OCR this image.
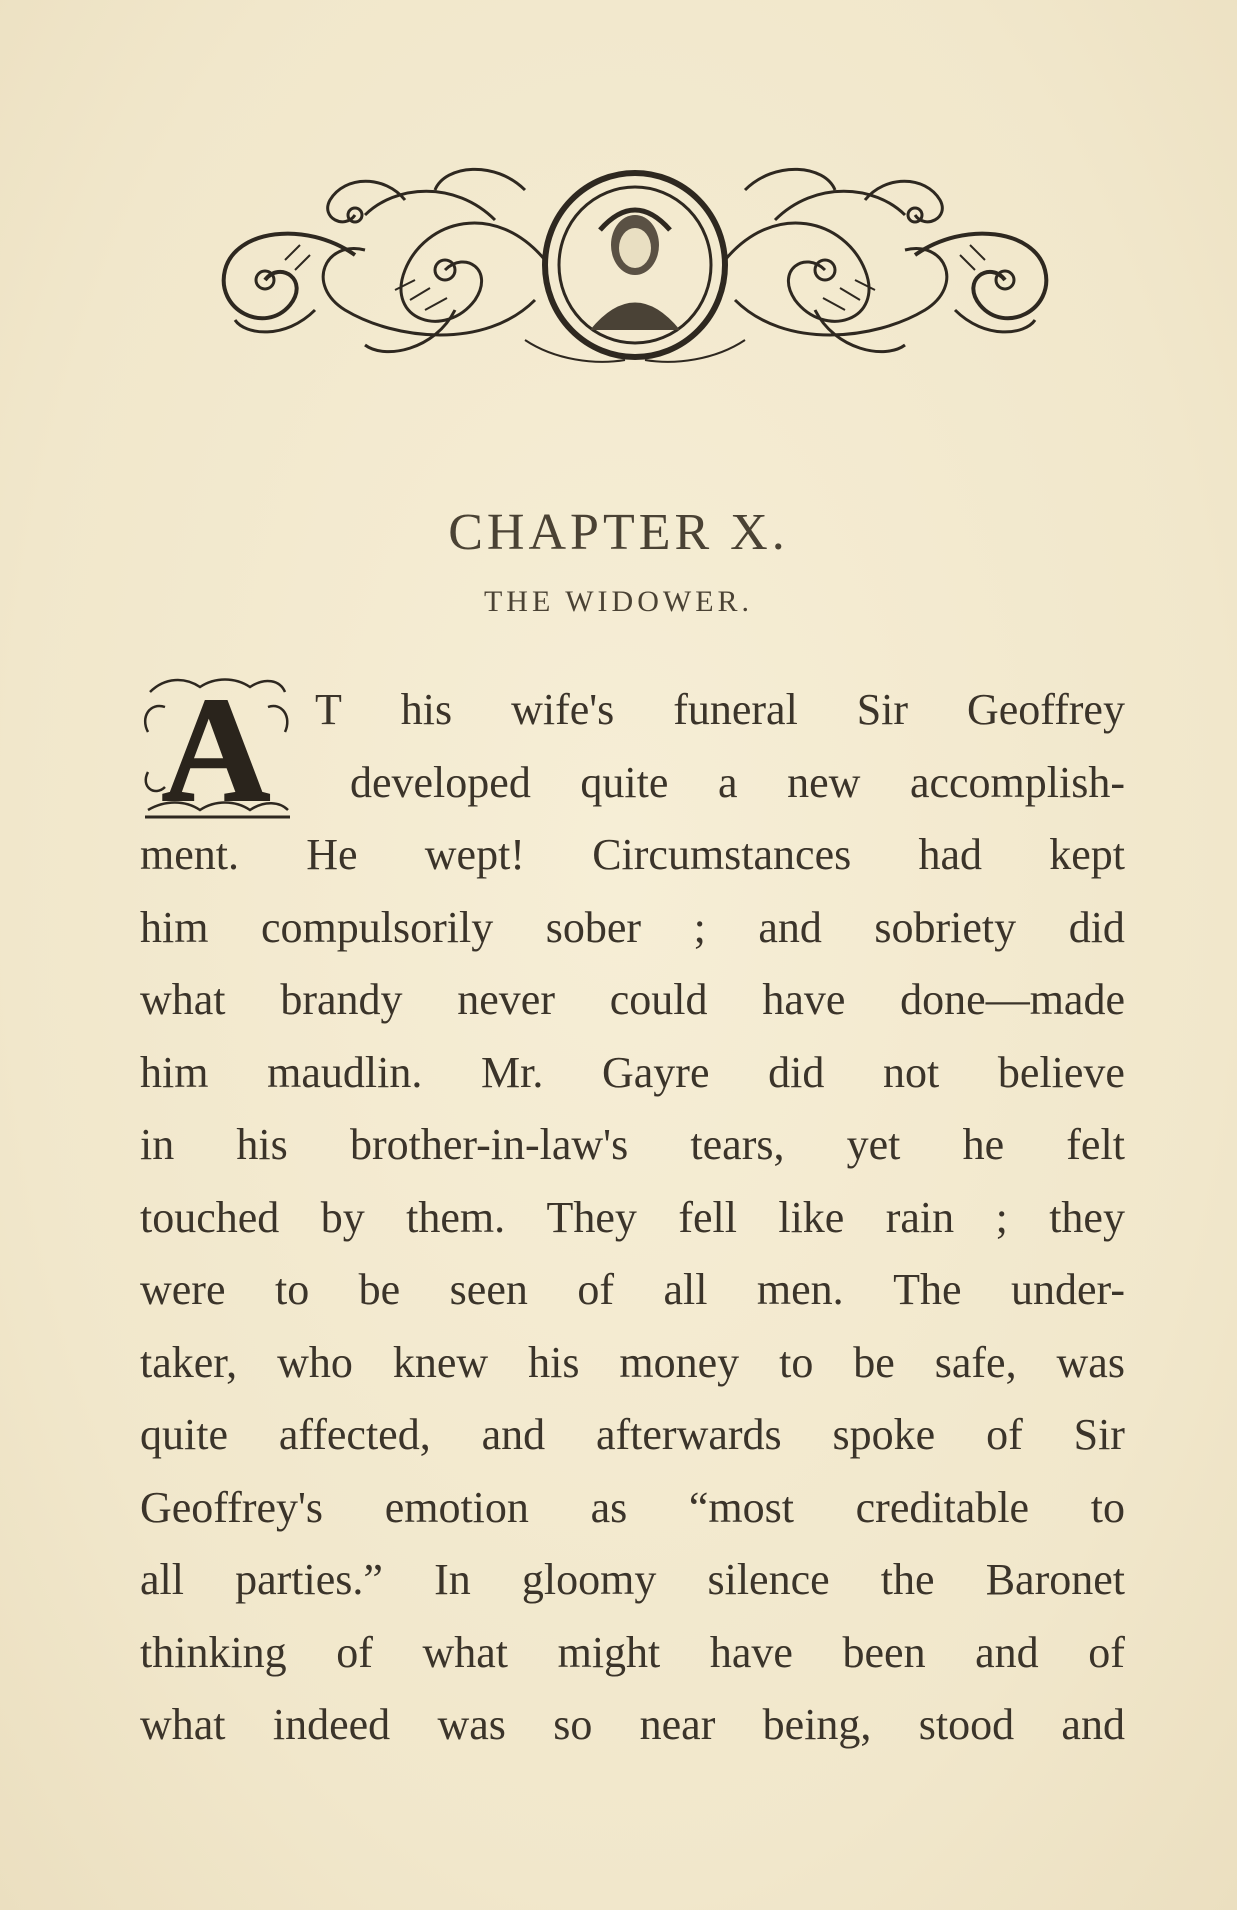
CHAPTER X.
THE WIDOWER.
A T his wife's funeral Sir Geoffrey
developed quite a new accomplish-
ment. He wept! Circumstances had kept
him compulsorily sober ; and sobriety did
what brandy never could have done—made
him maudlin. Mr. Gayre did not believe
in his brother-in-law's tears, yet he felt
touched by them. They fell like rain ; they
were to be seen of all men. The under-
taker, who knew his money to be safe, was
quite affected, and afterwards spoke of Sir
Geoffrey's emotion as “most creditable to
all parties.” In gloomy silence the Baronet
thinking of what might have been and of
what indeed was so near being, stood and
